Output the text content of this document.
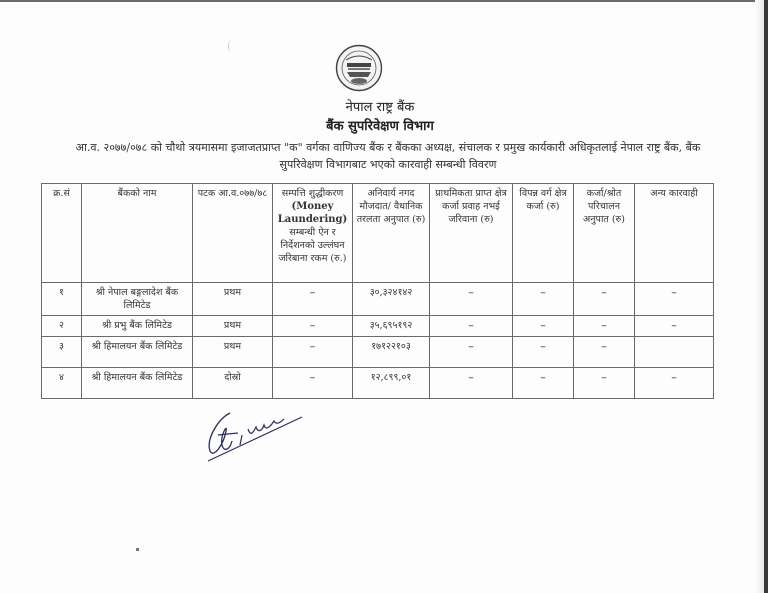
नेपाल राष्ट्र बैंक
बैंक सुपरिवेक्षण विभाग
आ.व. २०७७/०७८ को चौथो त्रयमासमा इजाजतप्राप्त "क" वर्गका वाणिज्य बैंक र बैंकका अध्यक्ष, संचालक र प्रमुख कार्यकारी अधिकृतलाई नेपाल राष्ट्र बैंक, बैंक सुपरिवेक्षण विभागबाट भएको कारवाही सम्बन्धी विवरण
क्र.सं	बैंकको नाम	पटक आ.व.०७७/७८	सम्पत्ति शुद्धीकरण
(Money Laundering)
सम्बन्धी ऐन र निर्देशनको उल्लंघन जरिबाना रकम (रु.)	अनिवार्य नगद मौजदात/ वैधानिक तरलता अनुपात (रु)	प्राथमिकता प्राप्त क्षेत्र कर्जा प्रवाह नभई जरिवाना (रु)	विपन्न वर्ग क्षेत्र कर्जा (रु)	कर्जा/श्रोत परिचालन अनुपात (रु)	अन्य कारवाही
१	श्री नेपाल बङ्गलादेश बैंक लिमिटेड	प्रथम	–	३०,३२४१४२	–	–	–	–
२	श्री प्रभु बैंक लिमिटेड	प्रथम	–	३५,६९५१९२	–	–	–	–
३	श्री हिमालयन बैंक लिमिटेड	प्रथम	–	१७१२२१०३	–	–	–	
४	श्री हिमालयन बैंक लिमिटेड	दोस्रो	–	१२,८९९,०१	–	–	–	–
